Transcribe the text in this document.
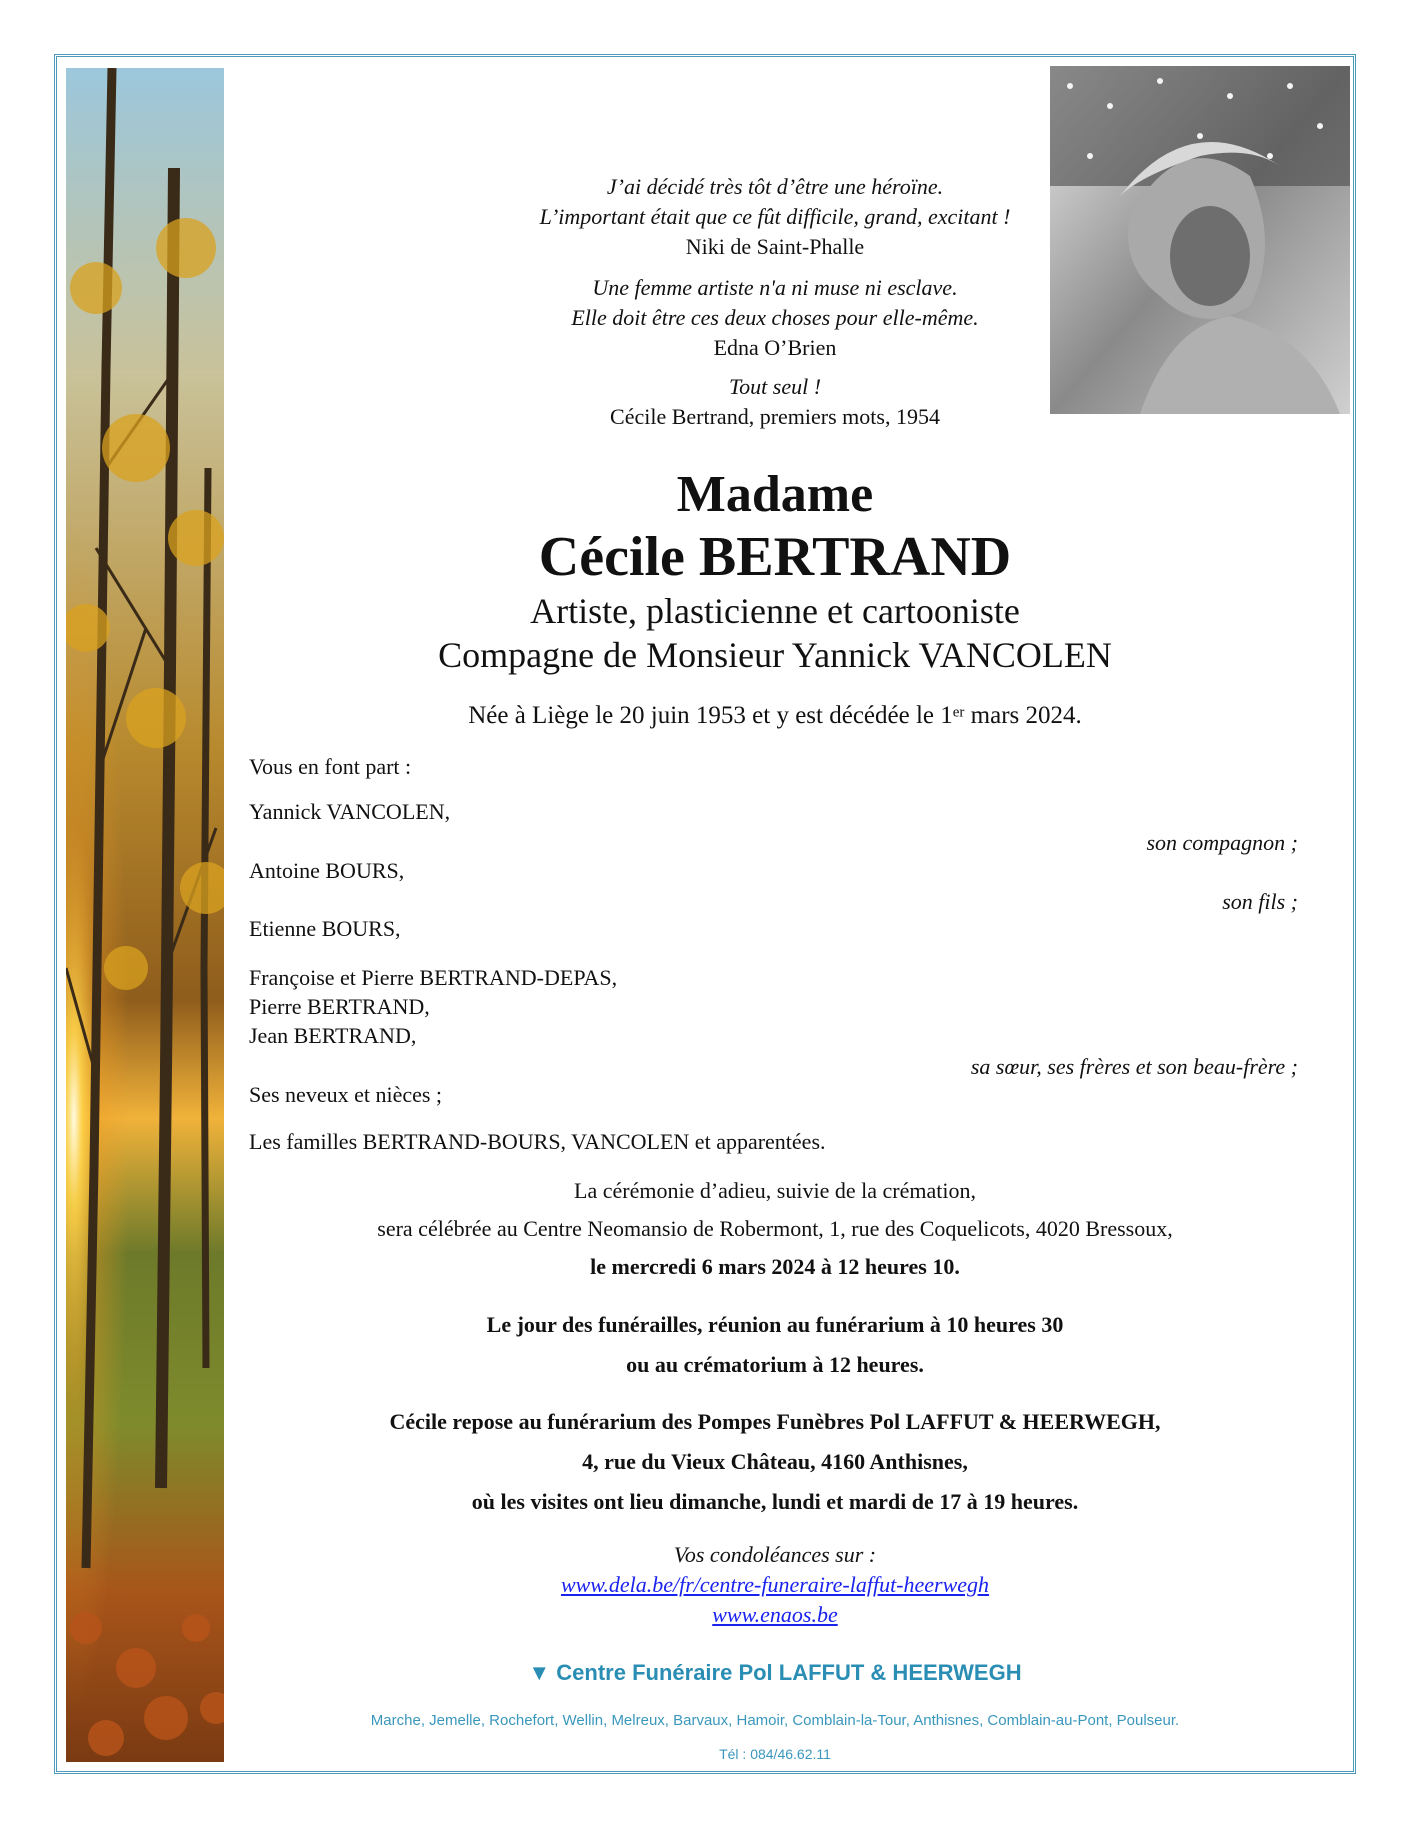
J’ai décidé très tôt d’être une héroïne.
L’important était que ce fût difficile, grand, excitant !
Niki de Saint-Phalle
Une femme artiste n'a ni muse ni esclave.
Elle doit être ces deux choses pour elle-même.
Edna O’Brien
Tout seul !
Cécile Bertrand, premiers mots, 1954
Madame
Cécile BERTRAND
Artiste, plasticienne et cartooniste
Compagne de Monsieur Yannick VANCOLEN
Née à Liège le 20 juin 1953 et y est décédée le 1er mars 2024.
Vous en font part :
Yannick VANCOLEN,
son compagnon ;
Antoine BOURS,
son fils ;
Etienne BOURS,
Françoise et Pierre BERTRAND-DEPAS,
Pierre BERTRAND,
Jean BERTRAND,
sa sœur, ses frères et son beau-frère ;
Ses neveux et nièces ;
Les familles BERTRAND-BOURS, VANCOLEN et apparentées.
La cérémonie d’adieu, suivie de la crémation,
sera célébrée au Centre Neomansio de Robermont, 1, rue des Coquelicots, 4020 Bressoux,
le mercredi 6 mars 2024 à 12 heures 10.
Le jour des funérailles, réunion au funérarium à 10 heures 30
ou au crématorium à 12 heures.
Cécile repose au funérarium des Pompes Funèbres Pol LAFFUT & HEERWEGH,
4, rue du Vieux Château, 4160 Anthisnes,
où les visites ont lieu dimanche, lundi et mardi de 17 à 19 heures.
Vos condoléances sur :
www.dela.be/fr/centre-funeraire-laffut-heerwegh
www.enaos.be
▼ Centre Funéraire Pol LAFFUT & HEERWEGH
Marche, Jemelle, Rochefort, Wellin, Melreux, Barvaux, Hamoir, Comblain-la-Tour, Anthisnes, Comblain-au-Pont, Poulseur.
Tél : 084/46.62.11
